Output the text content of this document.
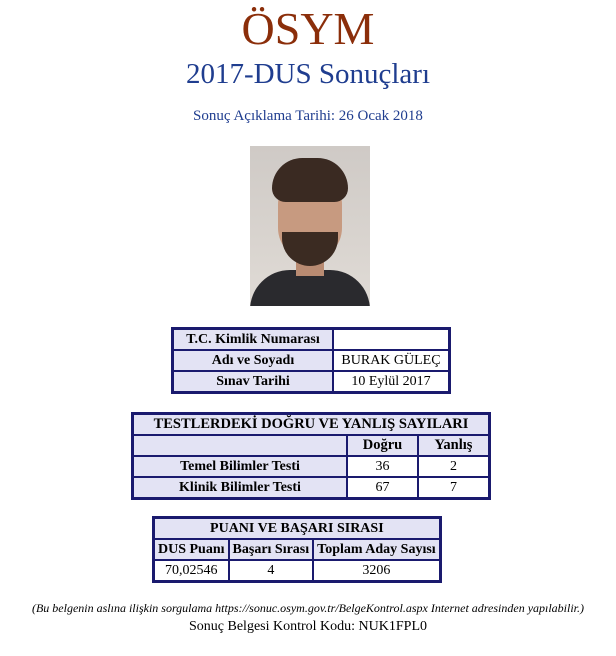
ÖSYM
2017-DUS Sonuçları
Sonuç Açıklama Tarihi: 26 Ocak 2018
T.C. Kimlik Numarası	
Adı ve Soyadı	BURAK GÜLEÇ
Sınav Tarihi	10 Eylül 2017
TESTLERDEKİ DOĞRU VE YANLIŞ SAYILARI		
	Doğru	Yanlış
Temel Bilimler Testi	36	2
Klinik Bilimler Testi	67	7
PUANI VE BAŞARI SIRASI		
DUS Puanı	Başarı Sırası	Toplam Aday Sayısı
70,02546	4	3206
(Bu belgenin aslına ilişkin sorgulama https://sonuc.osym.gov.tr/BelgeKontrol.aspx Internet adresinden yapılabilir.)
Sonuç Belgesi Kontrol Kodu: NUK1FPL0
